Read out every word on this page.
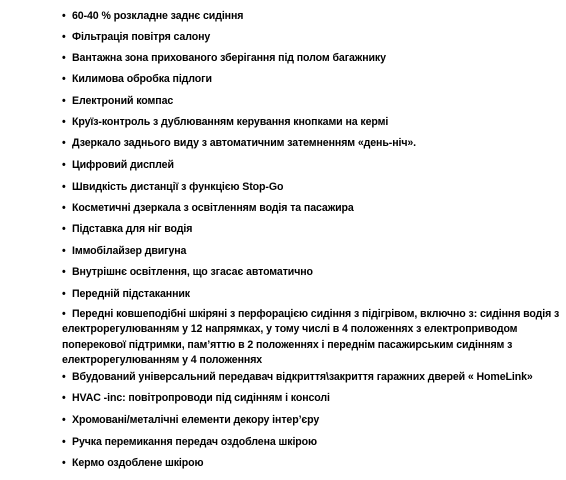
• 60-40 % розкладне заднє сидіння
• Фільтрація повітря салону
• Вантажна зона прихованого зберігання під полом багажнику
• Килимова обробка підлоги
• Електроний компас
• Круїз-контроль з дублюванням керування кнопками на кермі
• Дзеркало заднього виду з автоматичним затемненням «день-ніч».
• Цифровий дисплей
• Швидкість дистанції з функцією Stop-Go
• Косметичні дзеркала з освітленням водія та пасажира
• Підставка для ніг водія
• Іммобілайзер двигуна
• Внутрішнє освітлення, що згасає автоматично
• Передній підстаканник
• Передні ковшеподібні шкіряні з перфорацією сидіння з підігрівом, включно з: сидіння водія з електрорегулюванням у 12 напрямках, у тому числі в 4 положеннях з електроприводом поперекової підтримки, пам’яттю в 2 положеннях і переднім пасажирським сидінням з електрорегулюванням у 4 положеннях
• Вбудований універсальний передавач відкриття\закриття гаражних дверей « HomeLink»
• HVAC -inc: повітропроводи під сидінням і консолі
• Хромовані/металічні елементи декору інтер’єру
• Ручка перемикання передач оздоблена шкірою
• Кермо оздоблене шкірою
